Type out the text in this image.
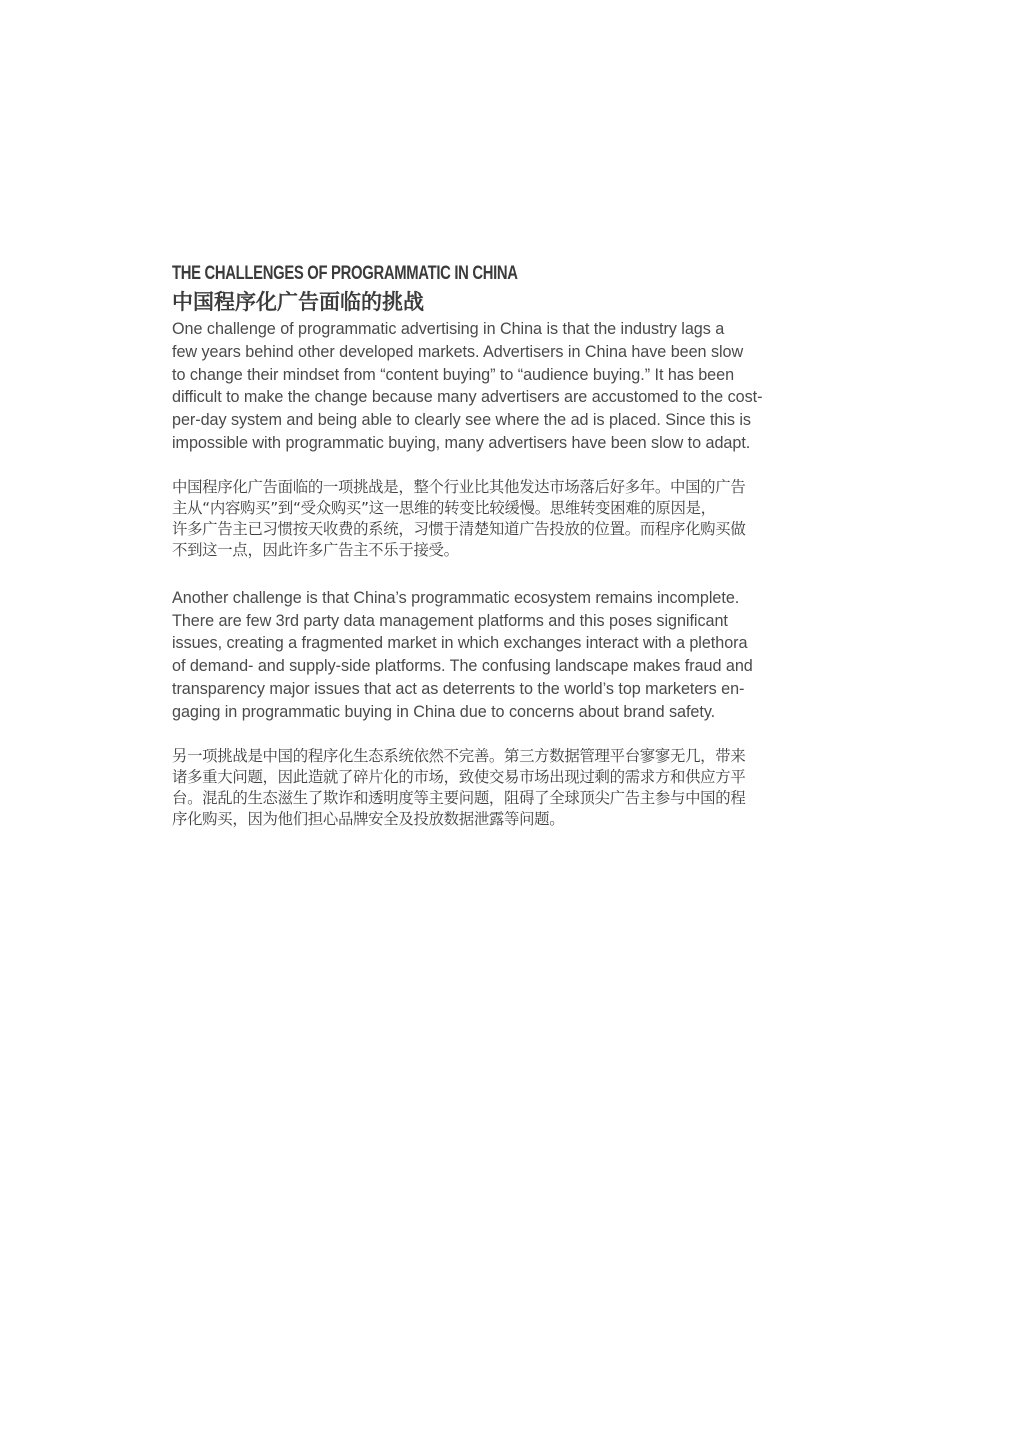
THE CHALLENGES OF PROGRAMMATIC IN CHINA
中国程序化广告面临的挑战

One challenge of programmatic advertising in China is that the industry lags a
few years behind other developed markets. Advertisers in China have been slow
to change their mindset from “content buying” to “audience buying.” It has been
difficult to make the change because many advertisers are accustomed to the cost-
per-day system and being able to clearly see where the ad is placed. Since this is
impossible with programmatic buying, many advertisers have been slow to adapt.

中国程序化广告面临的一项挑战是，整个行业比其他发达市场落后好多年。中国的广告
主从“内容购买”到“受众购买”这一思维的转变比较缓慢。思维转变困难的原因是，
许多广告主已习惯按天收费的系统，习惯于清楚知道广告投放的位置。而程序化购买做
不到这一点，因此许多广告主不乐于接受。

Another challenge is that China’s programmatic ecosystem remains incomplete.
There are few 3rd party data management platforms and this poses significant
issues, creating a fragmented market in which exchanges interact with a plethora
of demand- and supply-side platforms. The confusing landscape makes fraud and
transparency major issues that act as deterrents to the world’s top marketers en-
gaging in programmatic buying in China due to concerns about brand safety.

另一项挑战是中国的程序化生态系统依然不完善。第三方数据管理平台寥寥无几，带来
诸多重大问题，因此造就了碎片化的市场，致使交易市场出现过剩的需求方和供应方平
台。混乱的生态滋生了欺诈和透明度等主要问题，阻碍了全球顶尖广告主参与中国的程
序化购买，因为他们担心品牌安全及投放数据泄露等问题。
